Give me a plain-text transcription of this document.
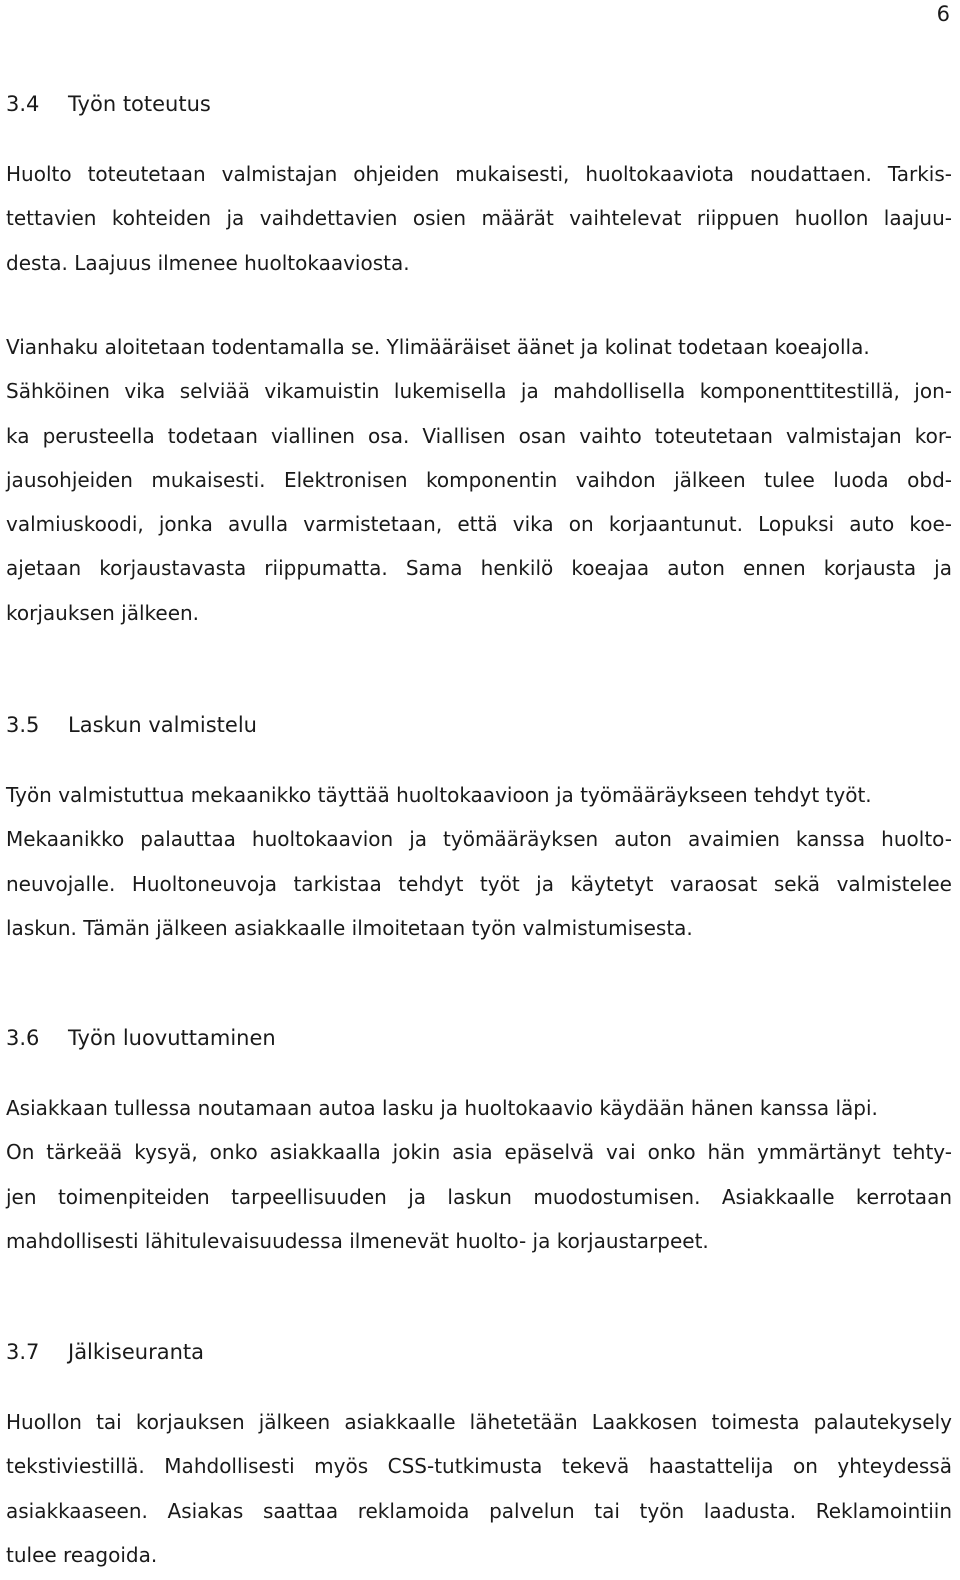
6
3.4 Työn toteutus

Huolto toteutetaan valmistajan ohjeiden mukaisesti, huoltokaaviota noudattaen. Tarkis-
tettavien kohteiden ja vaihdettavien osien määrät vaihtelevat riippuen huollon laajuu-
desta. Laajuus ilmenee huoltokaaviosta.

Vianhaku aloitetaan todentamalla se. Ylimääräiset äänet ja kolinat todetaan koeajolla.
Sähköinen vika selviää vikamuistin lukemisella ja mahdollisella komponenttitestillä, jon-
ka perusteella todetaan viallinen osa. Viallisen osan vaihto toteutetaan valmistajan kor-
jausohjeiden mukaisesti. Elektronisen komponentin vaihdon jälkeen tulee luoda obd-
valmiuskoodi, jonka avulla varmistetaan, että vika on korjaantunut. Lopuksi auto koe-
ajetaan korjaustavasta riippumatta. Sama henkilö koeajaa auton ennen korjausta ja
korjauksen jälkeen.

3.5 Laskun valmistelu

Työn valmistuttua mekaanikko täyttää huoltokaavioon ja työmääräykseen tehdyt työt.
Mekaanikko palauttaa huoltokaavion ja työmääräyksen auton avaimien kanssa huolto-
neuvojalle. Huoltoneuvoja tarkistaa tehdyt työt ja käytetyt varaosat sekä valmistelee
laskun. Tämän jälkeen asiakkaalle ilmoitetaan työn valmistumisesta.

3.6 Työn luovuttaminen

Asiakkaan tullessa noutamaan autoa lasku ja huoltokaavio käydään hänen kanssa läpi.
On tärkeää kysyä, onko asiakkaalla jokin asia epäselvä vai onko hän ymmärtänyt tehty-
jen toimenpiteiden tarpeellisuuden ja laskun muodostumisen. Asiakkaalle kerrotaan
mahdollisesti lähitulevaisuudessa ilmenevät huolto- ja korjaustarpeet.

3.7 Jälkiseuranta

Huollon tai korjauksen jälkeen asiakkaalle lähetetään Laakkosen toimesta palautekysely
tekstiviestillä. Mahdollisesti myös CSS-tutkimusta tekevä haastattelija on yhteydessä
asiakkaaseen. Asiakas saattaa reklamoida palvelun tai työn laadusta. Reklamointiin
tulee reagoida.
